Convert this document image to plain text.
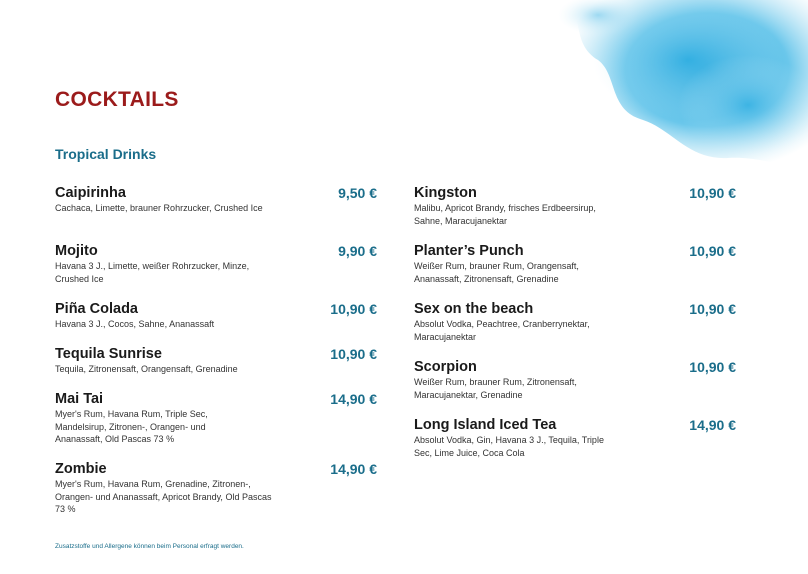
COCKTAILS
Tropical Drinks
Caipirinha	9,50 €
Cachaca, Limette, brauner Rohrzucker, Crushed Ice
Mojito	9,90 €
Havana 3 J., Limette, weißer Rohrzucker, Minze, Crushed Ice
Piña Colada	10,90 €
Havana 3 J., Cocos, Sahne, Ananassaft
Tequila Sunrise	10,90 €
Tequila, Zitronensaft, Orangensaft, Grenadine
Mai Tai	14,90 €
Myer's Rum, Havana Rum, Triple Sec, Mandelsirup, Zitronen-, Orangen- und Ananassaft, Old Pascas 73 %
Zombie	14,90 €
Myer's Rum, Havana Rum, Grenadine, Zitronen-, Orangen- und Ananassaft, Apricot Brandy, Old Pascas 73 %
Kingston	10,90 €
Malibu, Apricot Brandy, frisches Erdbeersirup, Sahne, Maracujanektar
Planter’s Punch	10,90 €
Weißer Rum, brauner Rum, Orangensaft, Ananassaft, Zitronensaft, Grenadine
Sex on the beach	10,90 €
Absolut Vodka, Peachtree, Cranberrynektar, Maracujanektar
Scorpion	10,90 €
Weißer Rum, brauner Rum, Zitronensaft, Maracujanektar, Grenadine
Long Island Iced Tea	14,90 €
Absolut Vodka, Gin, Havana 3 J., Tequila, Triple Sec, Lime Juice, Coca Cola

Zusatzstoffe und Allergene können beim Personal erfragt werden.
